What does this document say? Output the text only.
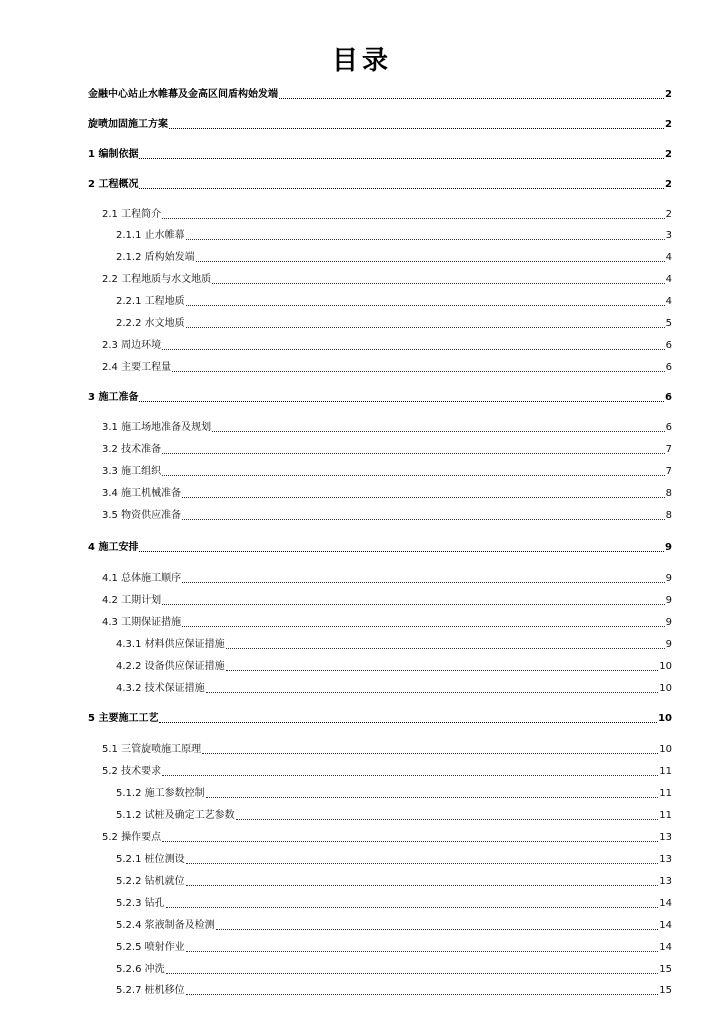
目录
金融中心站止水帷幕及金高区间盾构始发端	2
旋喷加固施工方案	2
1 编制依据	2
2 工程概况	2
2.1 工程简介	2
2.1.1 止水帷幕	3
2.1.2 盾构始发端	4
2.2 工程地质与水文地质	4
2.2.1 工程地质	4
2.2.2 水文地质	5
2.3 周边环境	6
2.4 主要工程量	6
3 施工准备	6
3.1 施工场地准备及规划	6
3.2 技术准备	7
3.3 施工组织	7
3.4 施工机械准备	8
3.5 物资供应准备	8
4 施工安排	9
4.1 总体施工顺序	9
4.2 工期计划	9
4.3 工期保证措施	9
4.3.1 材料供应保证措施	9
4.2.2 设备供应保证措施	10
4.3.2 技术保证措施	10
5 主要施工工艺	10
5.1 三管旋喷施工原理	10
5.2 技术要求	11
5.1.2 施工参数控制	11
5.1.2 试桩及确定工艺参数	11
5.2 操作要点	13
5.2.1 桩位测设	13
5.2.2 钻机就位	13
5.2.3 钻孔	14
5.2.4 浆液制备及检测	14
5.2.5 喷射作业	14
5.2.6 冲洗	15
5.2.7 桩机移位	15
